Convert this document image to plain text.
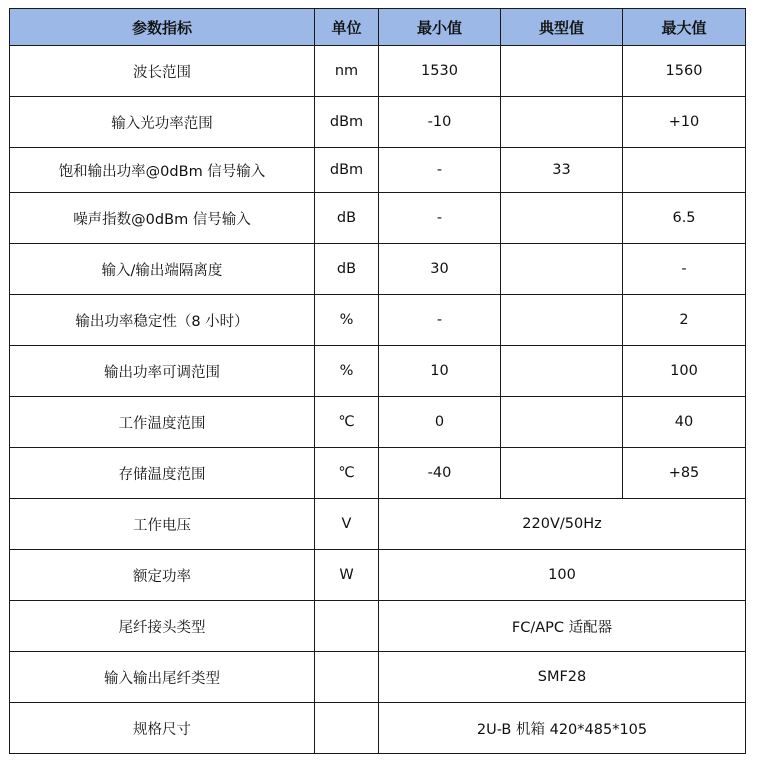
参数指标	单位	最小值	典型值	最大值
波长范围	nm	1530		1560
输入光功率范围	dBm	-10		+10
饱和输出功率@0dBm 信号输入	dBm	-	33	
噪声指数@0dBm 信号输入	dB	-		6.5
输入/输出端隔离度	dB	30		-
输出功率稳定性（8 小时）	%	-		2
输出功率可调范围	%	10		100
工作温度范围	℃	0		40
存储温度范围	℃	-40		+85
工作电压	V	220V/50Hz		
额定功率	W	100		
尾纤接头类型		FC/APC 适配器		
输入输出尾纤类型		SMF28		
规格尺寸		2U-B 机箱 420*485*105		
